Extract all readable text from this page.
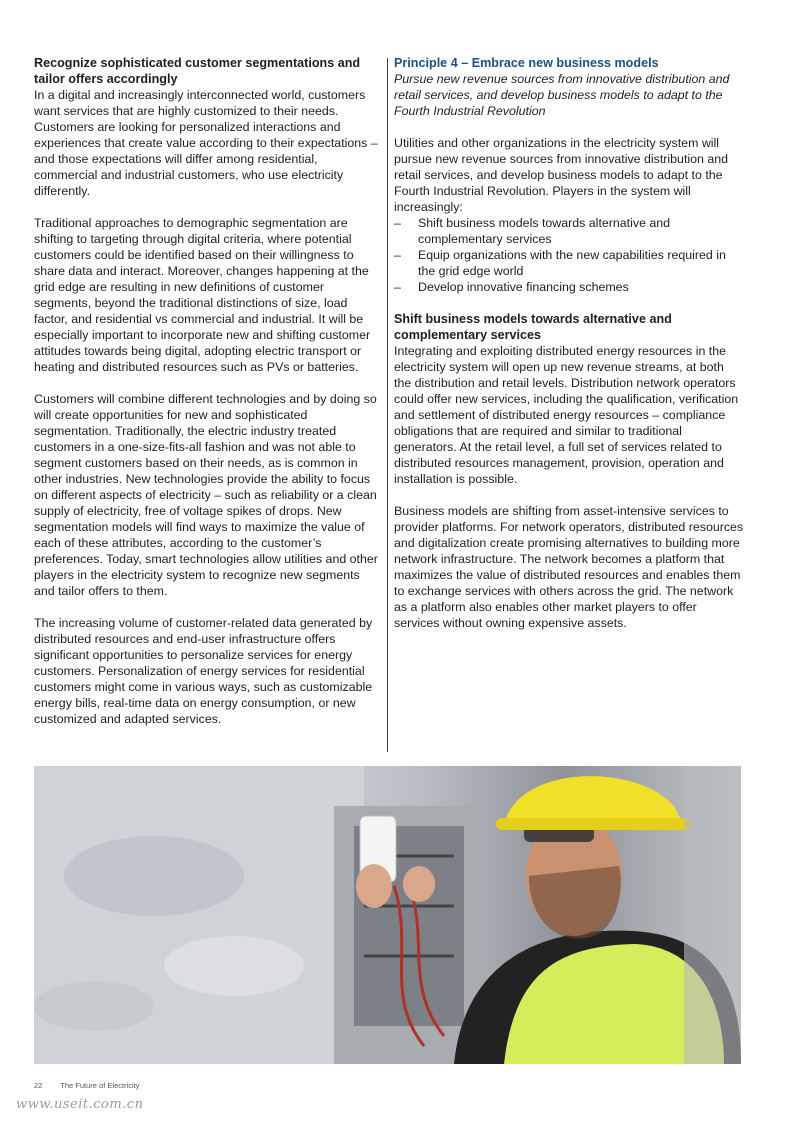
Recognize sophisticated customer segmentations and tailor offers accordingly

In a digital and increasingly interconnected world, customers want services that are highly customized to their needs. Customers are looking for personalized interactions and experiences that create value according to their expectations – and those expectations will differ among residential, commercial and industrial customers, who use electricity differently.

Traditional approaches to demographic segmentation are shifting to targeting through digital criteria, where potential customers could be identified based on their willingness to share data and interact. Moreover, changes happening at the grid edge are resulting in new definitions of customer segments, beyond the traditional distinctions of size, load factor, and residential vs commercial and industrial. It will be especially important to incorporate new and shifting customer attitudes towards being digital, adopting electric transport or heating and distributed resources such as PVs or batteries.

Customers will combine different technologies and by doing so will create opportunities for new and sophisticated segmentation. Traditionally, the electric industry treated customers in a one-size-fits-all fashion and was not able to segment customers based on their needs, as is common in other industries. New technologies provide the ability to focus on different aspects of electricity – such as reliability or a clean supply of electricity, free of voltage spikes of drops. New segmentation models will find ways to maximize the value of each of these attributes, according to the customer’s preferences. Today, smart technologies allow utilities and other players in the electricity system to recognize new segments and tailor offers to them.

The increasing volume of customer-related data generated by distributed resources and end-user infrastructure offers significant opportunities to personalize services for energy customers. Personalization of energy services for residential customers might come in various ways, such as customizable energy bills, real-time data on energy consumption, or new customized and adapted services.

Principle 4 – Embrace new business models

Pursue new revenue sources from innovative distribution and retail services, and develop business models to adapt to the Fourth Industrial Revolution

Utilities and other organizations in the electricity system will pursue new revenue sources from innovative distribution and retail services, and develop business models to adapt to the Fourth Industrial Revolution. Players in the system will increasingly:

– Shift business models towards alternative and complementary services
– Equip organizations with the new capabilities required in the grid edge world
– Develop innovative financing schemes
Shift business models towards alternative and complementary services

Integrating and exploiting distributed energy resources in the electricity system will open up new revenue streams, at both the distribution and retail levels. Distribution network operators could offer new services, including the qualification, verification and settlement of distributed energy resources – compliance obligations that are required and similar to traditional generators. At the retail level, a full set of services related to distributed resources management, provision, operation and installation is possible.

Business models are shifting from asset-intensive services to provider platforms. For network operators, distributed resources and digitalization create promising alternatives to building more network infrastructure. The network becomes a platform that maximizes the value of distributed resources and enables them to exchange services with others across the grid. The network as a platform also enables other market players to offer services without owning expensive assets.

22 The Future of Electricity
www.useit.com.cn
